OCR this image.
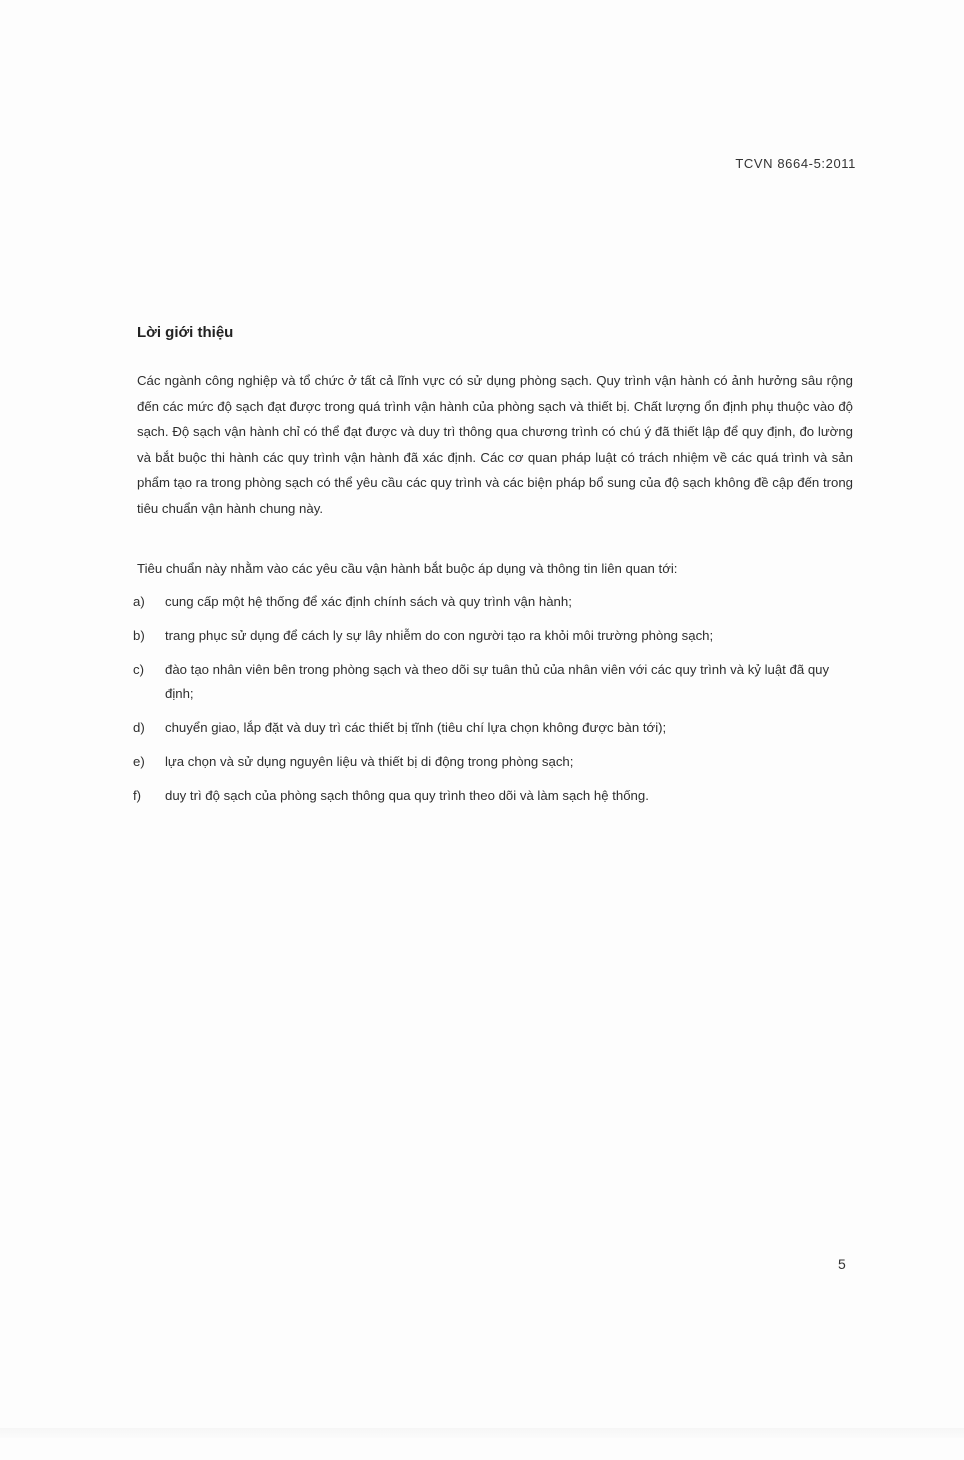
TCVN 8664-5:2011
Lời giới thiệu

Các ngành công nghiệp và tổ chức ở tất cả lĩnh vực có sử dụng phòng sạch. Quy trình vận hành có ảnh hưởng sâu rộng đến các mức độ sạch đạt được trong quá trình vận hành của phòng sạch và thiết bị. Chất lượng ổn định phụ thuộc vào độ sạch. Độ sạch vận hành chỉ có thể đạt được và duy trì thông qua chương trình có chú ý đã thiết lập để quy định, đo lường và bắt buộc thi hành các quy trình vận hành đã xác định. Các cơ quan pháp luật có trách nhiệm về các quá trình và sản phẩm tạo ra trong phòng sạch có thể yêu cầu các quy trình và các biện pháp bổ sung của độ sạch không đề cập đến trong tiêu chuẩn vận hành chung này.

Tiêu chuẩn này nhằm vào các yêu cầu vận hành bắt buộc áp dụng và thông tin liên quan tới:

a) cung cấp một hệ thống để xác định chính sách và quy trình vận hành;
b) trang phục sử dụng để cách ly sự lây nhiễm do con người tạo ra khỏi môi trường phòng sạch;
c) đào tạo nhân viên bên trong phòng sạch và theo dõi sự tuân thủ của nhân viên với các quy trình và kỷ luật đã quy định;
d) chuyển giao, lắp đặt và duy trì các thiết bị tĩnh (tiêu chí lựa chọn không được bàn tới);
e) lựa chọn và sử dụng nguyên liệu và thiết bị di động trong phòng sạch;
f) duy trì độ sạch của phòng sạch thông qua quy trình theo dõi và làm sạch hệ thống.
5
